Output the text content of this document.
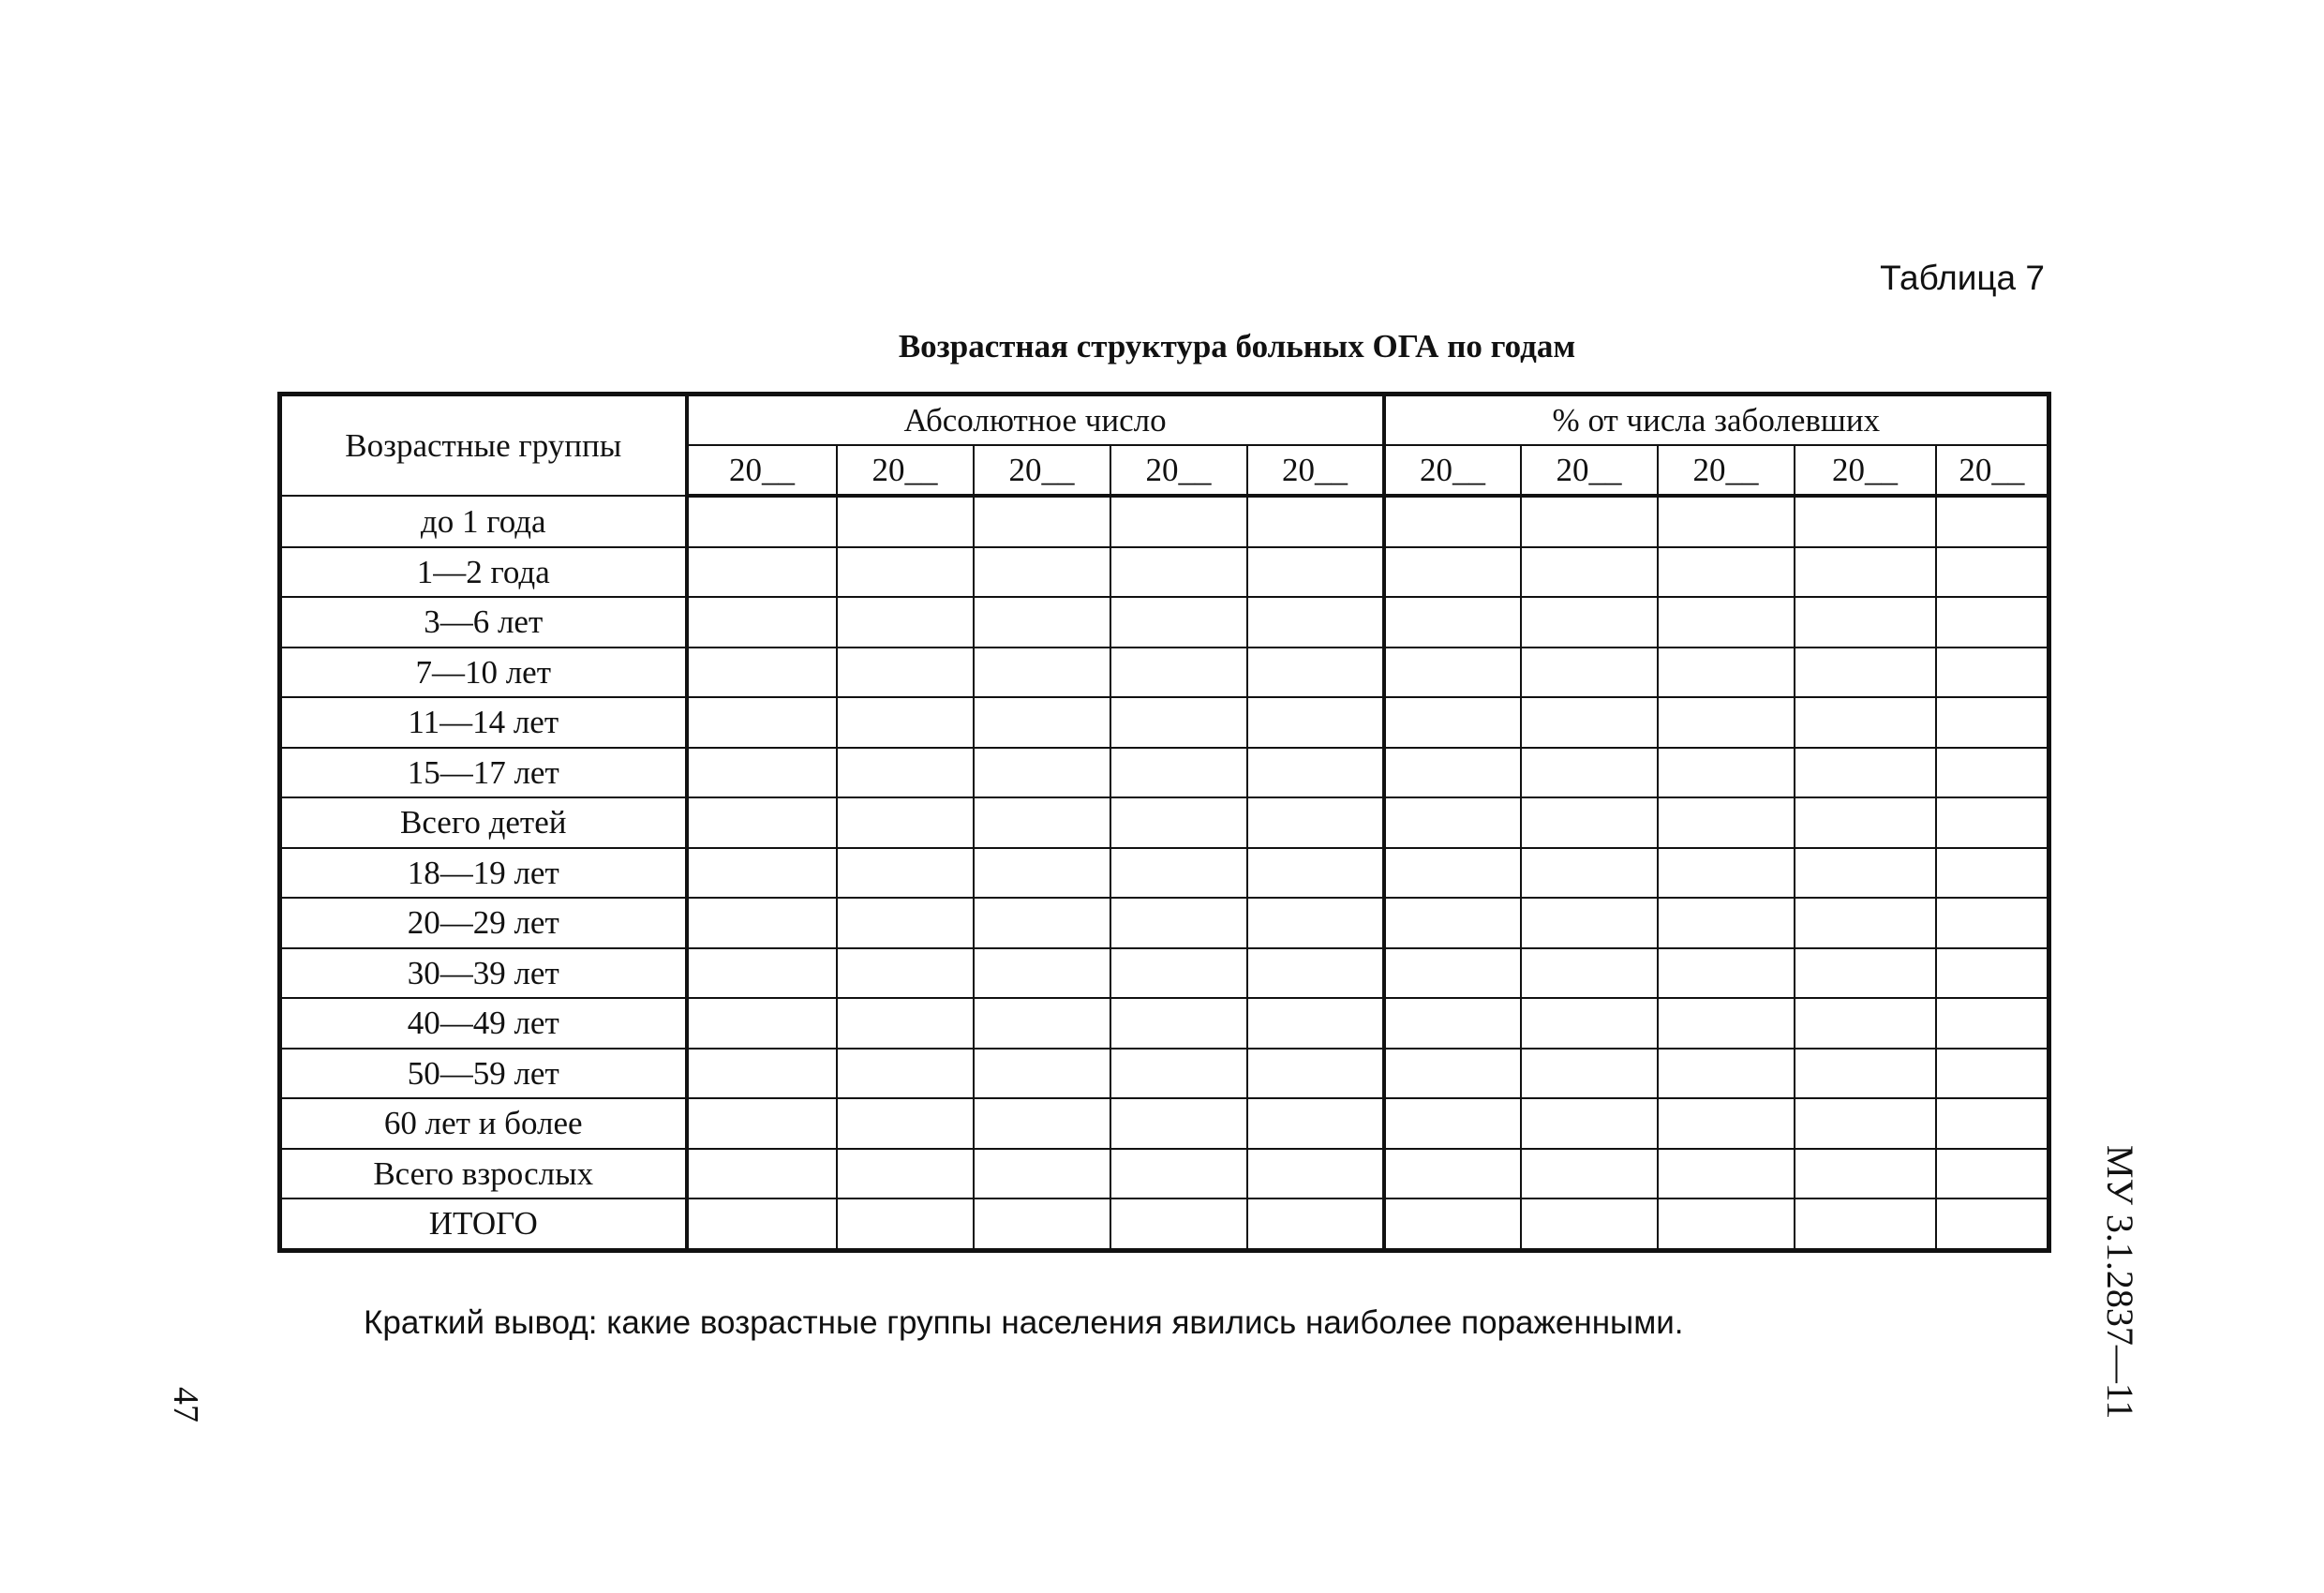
Таблица 7
Возрастная структура больных ОГА по годам
Возрастные группы	Абсолютное число					% от числа заболевших				
	20__	20__	20__	20__	20__	20__	20__	20__	20__	20__
до 1 года										
1—2 года										
3—6 лет										
7—10 лет										
11—14 лет										
15—17 лет										
Всего детей										
18—19 лет										
20—29 лет										
30—39 лет										
40—49 лет										
50—59 лет										
60 лет и более										
Всего взрослых										
ИТОГО										
Краткий вывод: какие возрастные группы населения явились наиболее пораженными.
47	МУ 3.1.2837—11
